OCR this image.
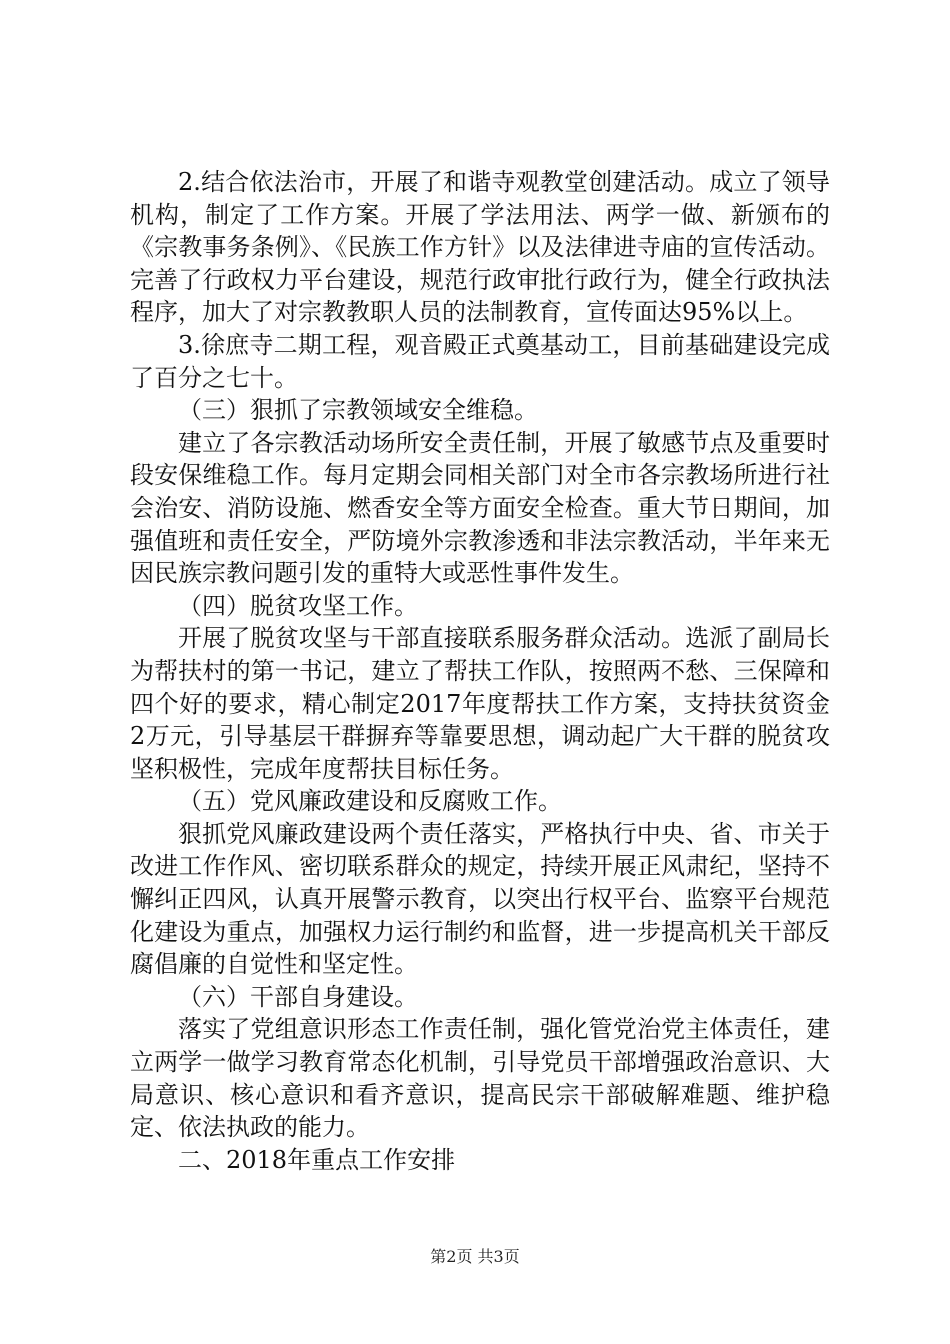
2.结合依法治市，开展了和谐寺观教堂创建活动。成立了领导机构，制定了工作方案。开展了学法用法、两学一做、新颁布的《宗教事务条例》、《民族工作方针》以及法律进寺庙的宣传活动。完善了行政权力平台建设，规范行政审批行政行为，健全行政执法程序，加大了对宗教教职人员的法制教育，宣传面达95%以上。

3.徐庶寺二期工程，观音殿正式奠基动工，目前基础建设完成了百分之七十。

（三）狠抓了宗教领域安全维稳。

建立了各宗教活动场所安全责任制，开展了敏感节点及重要时段安保维稳工作。每月定期会同相关部门对全市各宗教场所进行社会治安、消防设施、燃香安全等方面安全检查。重大节日期间，加强值班和责任安全，严防境外宗教渗透和非法宗教活动，半年来无因民族宗教问题引发的重特大或恶性事件发生。

（四）脱贫攻坚工作。

开展了脱贫攻坚与干部直接联系服务群众活动。选派了副局长为帮扶村的第一书记，建立了帮扶工作队，按照两不愁、三保障和四个好的要求，精心制定2017年度帮扶工作方案，支持扶贫资金2万元，引导基层干群摒弃等靠要思想，调动起广大干群的脱贫攻坚积极性，完成年度帮扶目标任务。

（五）党风廉政建设和反腐败工作。

狠抓党风廉政建设两个责任落实，严格执行中央、省、市关于改进工作作风、密切联系群众的规定，持续开展正风肃纪，坚持不懈纠正四风，认真开展警示教育，以突出行权平台、监察平台规范化建设为重点，加强权力运行制约和监督，进一步提高机关干部反腐倡廉的自觉性和坚定性。

（六）干部自身建设。

落实了党组意识形态工作责任制，强化管党治党主体责任，建立两学一做学习教育常态化机制，引导党员干部增强政治意识、大局意识、核心意识和看齐意识，提高民宗干部破解难题、维护稳定、依法执政的能力。

二、2018年重点工作安排

第2页 共3页
